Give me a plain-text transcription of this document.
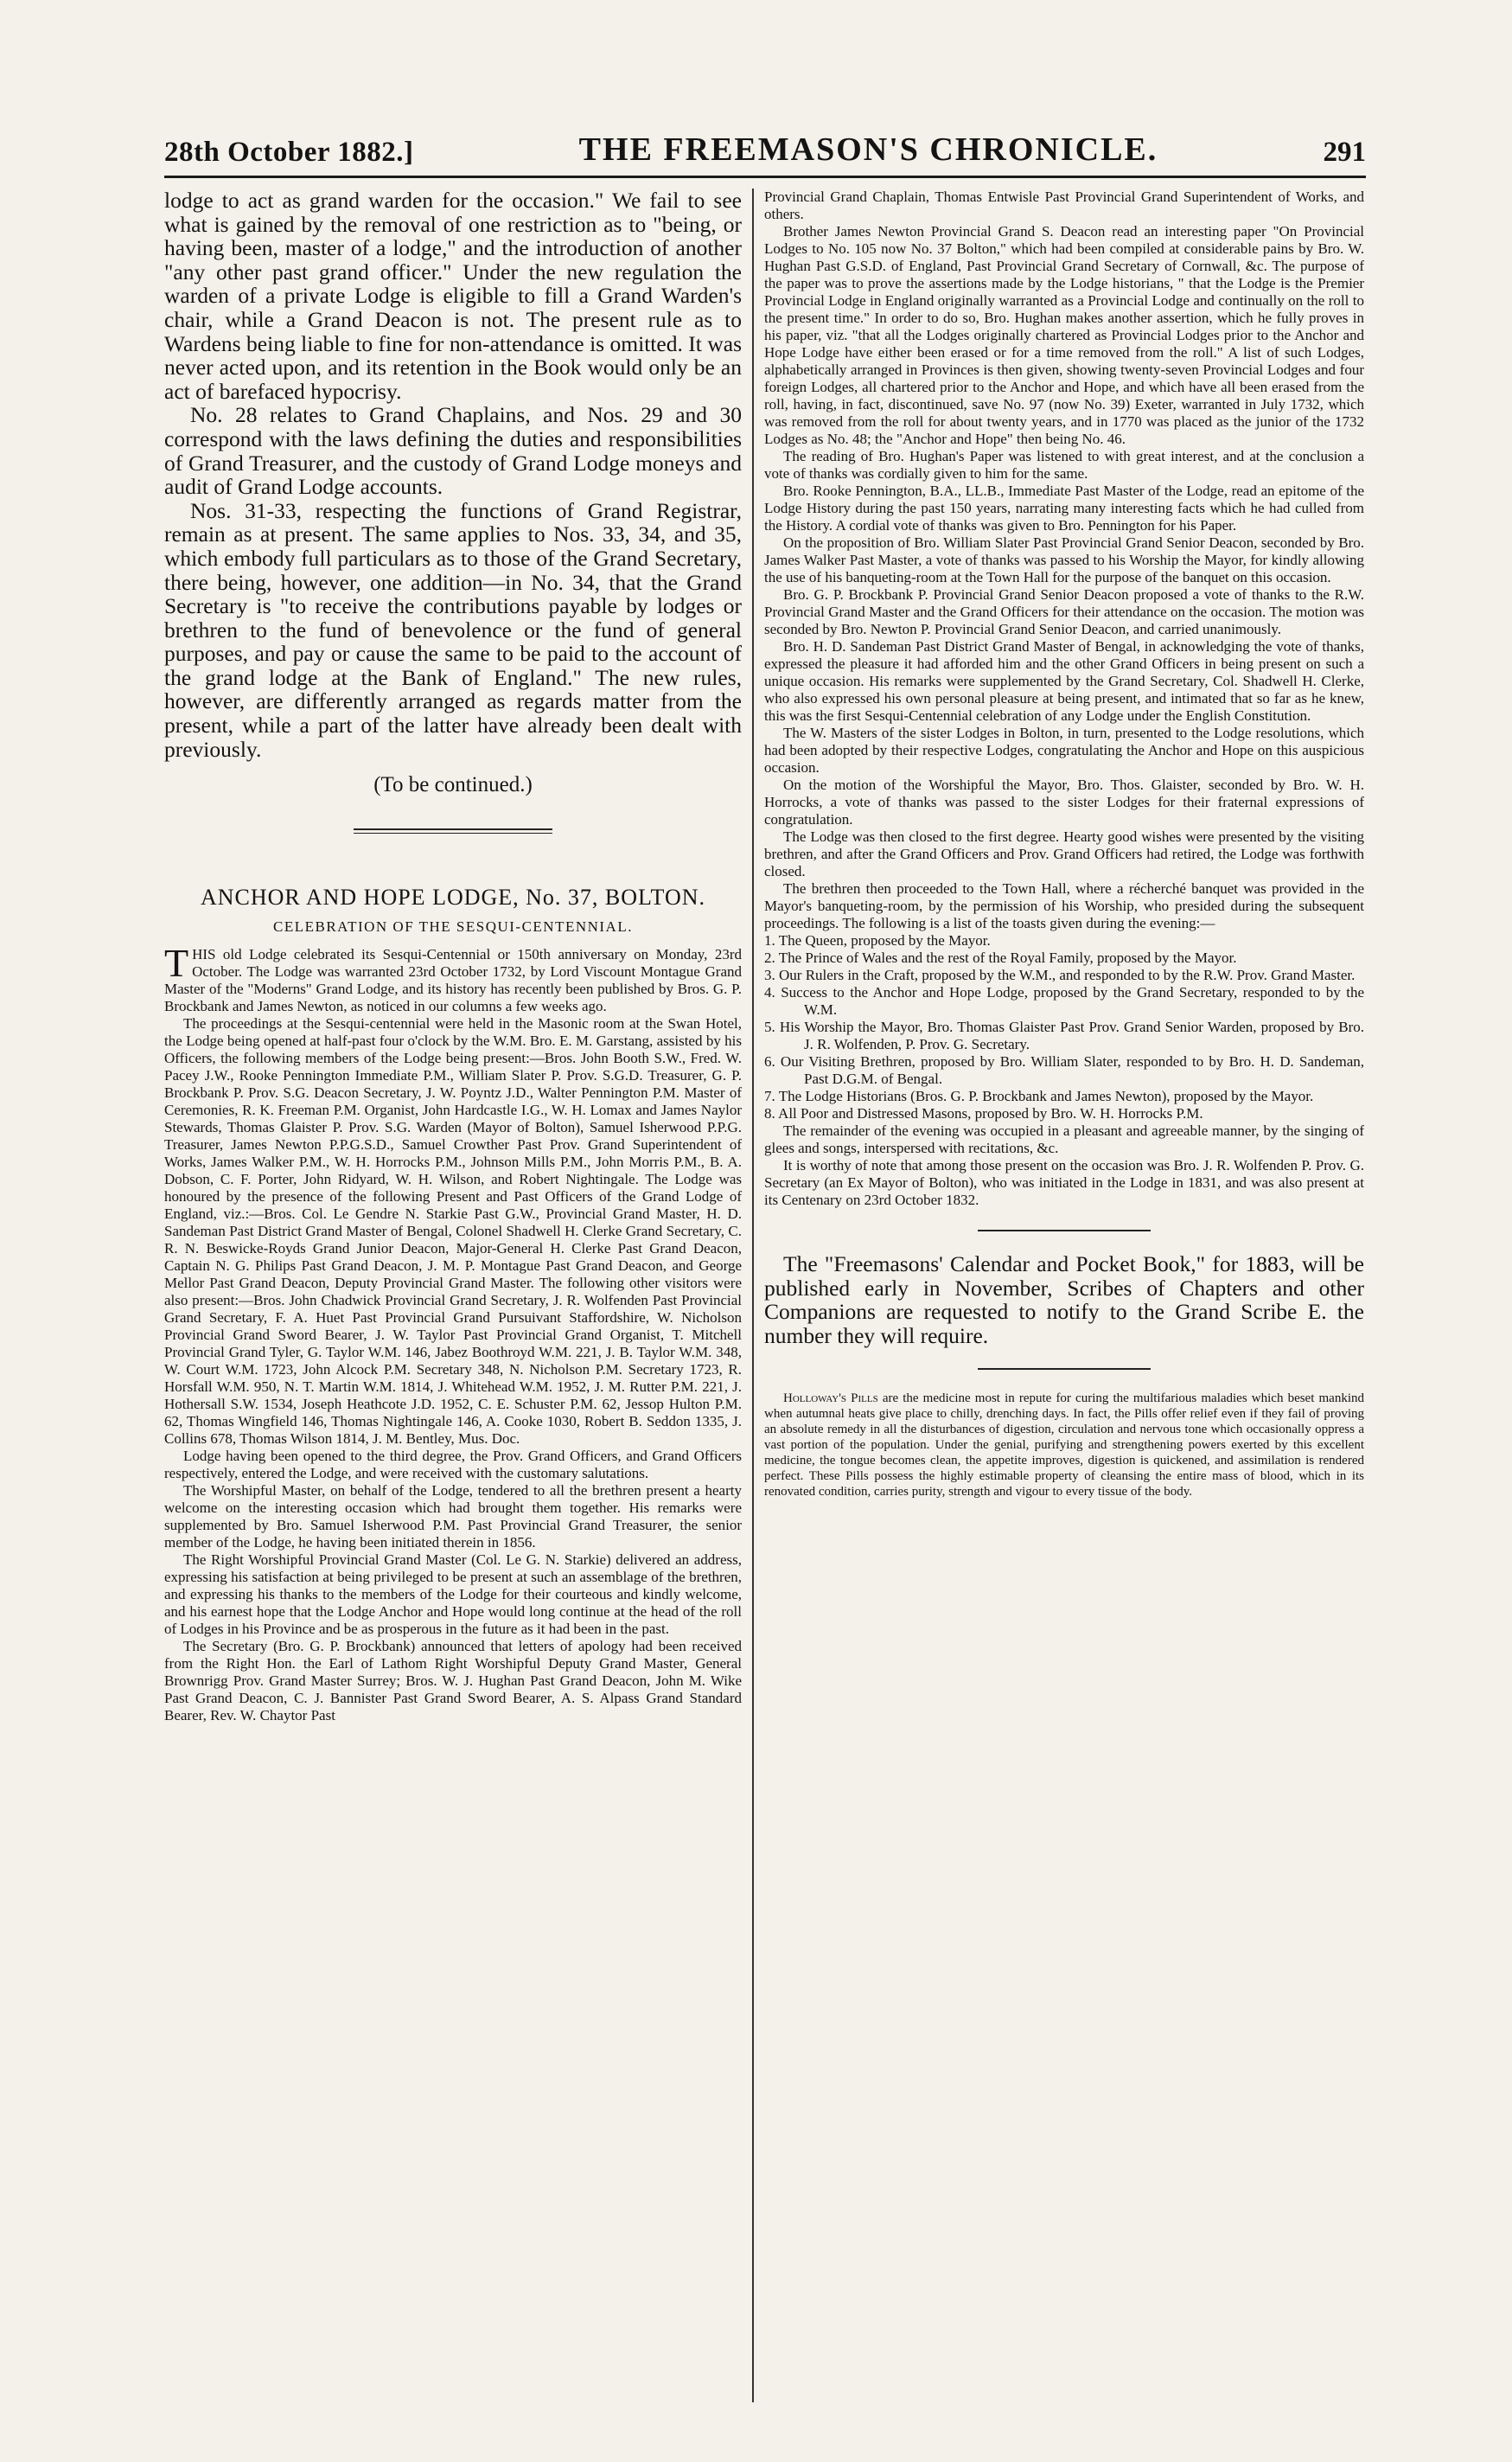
28th October 1882.]	THE FREEMASON'S CHRONICLE.	291

lodge to act as grand warden for the occasion." We fail to see what is gained by the removal of one restriction as to "being, or having been, master of a lodge," and the introduction of another "any other past grand officer." Under the new regulation the warden of a private Lodge is eligible to fill a Grand Warden's chair, while a Grand Deacon is not. The present rule as to Wardens being liable to fine for non-attendance is omitted. It was never acted upon, and its retention in the Book would only be an act of barefaced hypocrisy.

No. 28 relates to Grand Chaplains, and Nos. 29 and 30 correspond with the laws defining the duties and responsibilities of Grand Treasurer, and the custody of Grand Lodge moneys and audit of Grand Lodge accounts.

Nos. 31-33, respecting the functions of Grand Registrar, remain as at present. The same applies to Nos. 33, 34, and 35, which embody full particulars as to those of the Grand Secretary, there being, however, one addition—in No. 34, that the Grand Secretary is "to receive the contributions payable by lodges or brethren to the fund of benevolence or the fund of general purposes, and pay or cause the same to be paid to the account of the grand lodge at the Bank of England." The new rules, however, are differently arranged as regards matter from the present, while a part of the latter have already been dealt with previously.

(To be continued.)
ANCHOR AND HOPE LODGE, No. 37, BOLTON.
CELEBRATION OF THE SESQUI-CENTENNIAL.

THIS old Lodge celebrated its Sesqui-Centennial or 150th anniversary on Monday, 23rd October. The Lodge was warranted 23rd October 1732, by Lord Viscount Montague Grand Master of the "Moderns" Grand Lodge, and its history has recently been published by Bros. G. P. Brockbank and James Newton, as noticed in our columns a few weeks ago.

The proceedings at the Sesqui-centennial were held in the Masonic room at the Swan Hotel, the Lodge being opened at half-past four o'clock by the W.M. Bro. E. M. Garstang, assisted by his Officers, the following members of the Lodge being present:—Bros. John Booth S.W., Fred. W. Pacey J.W., Rooke Pennington Immediate P.M., William Slater P. Prov. S.G.D. Treasurer, G. P. Brockbank P. Prov. S.G. Deacon Secretary, J. W. Poyntz J.D., Walter Pennington P.M. Master of Ceremonies, R. K. Freeman P.M. Organist, John Hardcastle I.G., W. H. Lomax and James Naylor Stewards, Thomas Glaister P. Prov. S.G. Warden (Mayor of Bolton), Samuel Isherwood P.P.G. Treasurer, James Newton P.P.G.S.D., Samuel Crowther Past Prov. Grand Superintendent of Works, James Walker P.M., W. H. Horrocks P.M., Johnson Mills P.M., John Morris P.M., B. A. Dobson, C. F. Porter, John Ridyard, W. H. Wilson, and Robert Nightingale. The Lodge was honoured by the presence of the following Present and Past Officers of the Grand Lodge of England, viz.:—Bros. Col. Le Gendre N. Starkie Past G.W., Provincial Grand Master, H. D. Sandeman Past District Grand Master of Bengal, Colonel Shadwell H. Clerke Grand Secretary, C. R. N. Beswicke-Royds Grand Junior Deacon, Major-General H. Clerke Past Grand Deacon, Captain N. G. Philips Past Grand Deacon, J. M. P. Montague Past Grand Deacon, and George Mellor Past Grand Deacon, Deputy Provincial Grand Master. The following other visitors were also present:—Bros. John Chadwick Provincial Grand Secretary, J. R. Wolfenden Past Provincial Grand Secretary, F. A. Huet Past Provincial Grand Pursuivant Staffordshire, W. Nicholson Provincial Grand Sword Bearer, J. W. Taylor Past Provincial Grand Organist, T. Mitchell Provincial Grand Tyler, G. Taylor W.M. 146, Jabez Boothroyd W.M. 221, J. B. Taylor W.M. 348, W. Court W.M. 1723, John Alcock P.M. Secretary 348, N. Nicholson P.M. Secretary 1723, R. Horsfall W.M. 950, N. T. Martin W.M. 1814, J. Whitehead W.M. 1952, J. M. Rutter P.M. 221, J. Hothersall S.W. 1534, Joseph Heathcote J.D. 1952, C. E. Schuster P.M. 62, Jessop Hulton P.M. 62, Thomas Wingfield 146, Thomas Nightingale 146, A. Cooke 1030, Robert B. Seddon 1335, J. Collins 678, Thomas Wilson 1814, J. M. Bentley, Mus. Doc.

Lodge having been opened to the third degree, the Prov. Grand Officers, and Grand Officers respectively, entered the Lodge, and were received with the customary salutations.

The Worshipful Master, on behalf of the Lodge, tendered to all the brethren present a hearty welcome on the interesting occasion which had brought them together. His remarks were supplemented by Bro. Samuel Isherwood P.M. Past Provincial Grand Treasurer, the senior member of the Lodge, he having been initiated therein in 1856.

The Right Worshipful Provincial Grand Master (Col. Le G. N. Starkie) delivered an address, expressing his satisfaction at being privileged to be present at such an assemblage of the brethren, and expressing his thanks to the members of the Lodge for their courteous and kindly welcome, and his earnest hope that the Lodge Anchor and Hope would long continue at the head of the roll of Lodges in his Province and be as prosperous in the future as it had been in the past.

The Secretary (Bro. G. P. Brockbank) announced that letters of apology had been received from the Right Hon. the Earl of Lathom Right Worshipful Deputy Grand Master, General Brownrigg Prov. Grand Master Surrey; Bros. W. J. Hughan Past Grand Deacon, John M. Wike Past Grand Deacon, C. J. Bannister Past Grand Sword Bearer, A. S. Alpass Grand Standard Bearer, Rev. W. Chaytor Past

Provincial Grand Chaplain, Thomas Entwisle Past Provincial Grand Superintendent of Works, and others.

Brother James Newton Provincial Grand S. Deacon read an interesting paper "On Provincial Lodges to No. 105 now No. 37 Bolton," which had been compiled at considerable pains by Bro. W. Hughan Past G.S.D. of England, Past Provincial Grand Secretary of Cornwall, &c. The purpose of the paper was to prove the assertions made by the Lodge historians, " that the Lodge is the Premier Provincial Lodge in England originally warranted as a Provincial Lodge and continually on the roll to the present time." In order to do so, Bro. Hughan makes another assertion, which he fully proves in his paper, viz. "that all the Lodges originally chartered as Provincial Lodges prior to the Anchor and Hope Lodge have either been erased or for a time removed from the roll." A list of such Lodges, alphabetically arranged in Provinces is then given, showing twenty-seven Provincial Lodges and four foreign Lodges, all chartered prior to the Anchor and Hope, and which have all been erased from the roll, having, in fact, discontinued, save No. 97 (now No. 39) Exeter, warranted in July 1732, which was removed from the roll for about twenty years, and in 1770 was placed as the junior of the 1732 Lodges as No. 48; the "Anchor and Hope" then being No. 46.

The reading of Bro. Hughan's Paper was listened to with great interest, and at the conclusion a vote of thanks was cordially given to him for the same.

Bro. Rooke Pennington, B.A., LL.B., Immediate Past Master of the Lodge, read an epitome of the Lodge History during the past 150 years, narrating many interesting facts which he had culled from the History. A cordial vote of thanks was given to Bro. Pennington for his Paper.

On the proposition of Bro. William Slater Past Provincial Grand Senior Deacon, seconded by Bro. James Walker Past Master, a vote of thanks was passed to his Worship the Mayor, for kindly allowing the use of his banqueting-room at the Town Hall for the purpose of the banquet on this occasion.

Bro. G. P. Brockbank P. Provincial Grand Senior Deacon proposed a vote of thanks to the R.W. Provincial Grand Master and the Grand Officers for their attendance on the occasion. The motion was seconded by Bro. Newton P. Provincial Grand Senior Deacon, and carried unanimously.

Bro. H. D. Sandeman Past District Grand Master of Bengal, in acknowledging the vote of thanks, expressed the pleasure it had afforded him and the other Grand Officers in being present on such a unique occasion. His remarks were supplemented by the Grand Secretary, Col. Shadwell H. Clerke, who also expressed his own personal pleasure at being present, and intimated that so far as he knew, this was the first Sesqui-Centennial celebration of any Lodge under the English Constitution.

The W. Masters of the sister Lodges in Bolton, in turn, presented to the Lodge resolutions, which had been adopted by their respective Lodges, congratulating the Anchor and Hope on this auspicious occasion.

On the motion of the Worshipful the Mayor, Bro. Thos. Glaister, seconded by Bro. W. H. Horrocks, a vote of thanks was passed to the sister Lodges for their fraternal expressions of congratulation.

The Lodge was then closed to the first degree. Hearty good wishes were presented by the visiting brethren, and after the Grand Officers and Prov. Grand Officers had retired, the Lodge was forthwith closed.

The brethren then proceeded to the Town Hall, where a récherché banquet was provided in the Mayor's banqueting-room, by the permission of his Worship, who presided during the subsequent proceedings. The following is a list of the toasts given during the evening:—

1. The Queen, proposed by the Mayor.
2. The Prince of Wales and the rest of the Royal Family, proposed by the Mayor.
3. Our Rulers in the Craft, proposed by the W.M., and responded to by the R.W. Prov. Grand Master.
4. Success to the Anchor and Hope Lodge, proposed by the Grand Secretary, responded to by the W.M.
5. His Worship the Mayor, Bro. Thomas Glaister Past Prov. Grand Senior Warden, proposed by Bro. J. R. Wolfenden, P. Prov. G. Secretary.
6. Our Visiting Brethren, proposed by Bro. William Slater, responded to by Bro. H. D. Sandeman, Past D.G.M. of Bengal.
7. The Lodge Historians (Bros. G. P. Brockbank and James Newton), proposed by the Mayor.
8. All Poor and Distressed Masons, proposed by Bro. W. H. Horrocks P.M.

The remainder of the evening was occupied in a pleasant and agreeable manner, by the singing of glees and songs, interspersed with recitations, &c.

It is worthy of note that among those present on the occasion was Bro. J. R. Wolfenden P. Prov. G. Secretary (an Ex Mayor of Bolton), who was initiated in the Lodge in 1831, and was also present at its Centenary on 23rd October 1832.

The "Freemasons' Calendar and Pocket Book," for 1883, will be published early in November, Scribes of Chapters and other Companions are requested to notify to the Grand Scribe E. the number they will require.

Holloway's Pills are the medicine most in repute for curing the multifarious maladies which beset mankind when autumnal heats give place to chilly, drenching days. In fact, the Pills offer relief even if they fail of proving an absolute remedy in all the disturbances of digestion, circulation and nervous tone which occasionally oppress a vast portion of the population. Under the genial, purifying and strengthening powers exerted by this excellent medicine, the tongue becomes clean, the appetite improves, digestion is quickened, and assimilation is rendered perfect. These Pills possess the highly estimable property of cleansing the entire mass of blood, which in its renovated condition, carries purity, strength and vigour to every tissue of the body.
